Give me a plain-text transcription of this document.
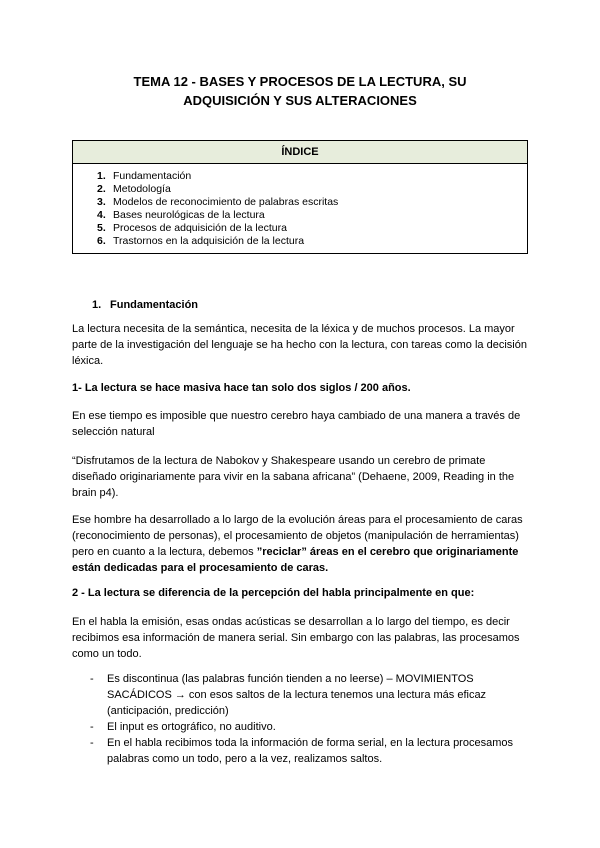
TEMA 12 - BASES Y PROCESOS DE LA LECTURA, SU
ADQUISICIÓN Y SUS ALTERACIONES
ÍNDICE
1. Fundamentación
2. Metodología
3. Modelos de reconocimiento de palabras escritas
4. Bases neurológicas de la lectura
5. Procesos de adquisición de la lectura
6. Trastornos en la adquisición de la lectura
1. Fundamentación
La lectura necesita de la semántica, necesita de la léxica y de muchos procesos. La mayor parte de la investigación del lenguaje se ha hecho con la lectura, con tareas como la decisión léxica.
1- La lectura se hace masiva hace tan solo dos siglos / 200 años.
En ese tiempo es imposible que nuestro cerebro haya cambiado de una manera a través de selección natural
“Disfrutamos de la lectura de Nabokov y Shakespeare usando un cerebro de primate diseñado originariamente para vivir en la sabana africana” (Dehaene, 2009, Reading in the brain p4).
Ese hombre ha desarrollado a lo largo de la evolución áreas para el procesamiento de caras (reconocimiento de personas), el procesamiento de objetos (manipulación de herramientas) pero en cuanto a la lectura, debemos ”reciclar” áreas en el cerebro que originariamente están dedicadas para el procesamiento de caras.
2 - La lectura se diferencia de la percepción del habla principalmente en que:
En el habla la emisión, esas ondas acústicas se desarrollan a lo largo del tiempo, es decir recibimos esa información de manera serial. Sin embargo con las palabras, las procesamos como un todo.
- Es discontinua (las palabras función tienden a no leerse) – MOVIMIENTOS SACÁDICOS → con esos saltos de la lectura tenemos una lectura más eficaz (anticipación, predicción)
- El input es ortográfico, no auditivo.
- En el habla recibimos toda la información de forma serial, en la lectura procesamos palabras como un todo, pero a la vez, realizamos saltos.
